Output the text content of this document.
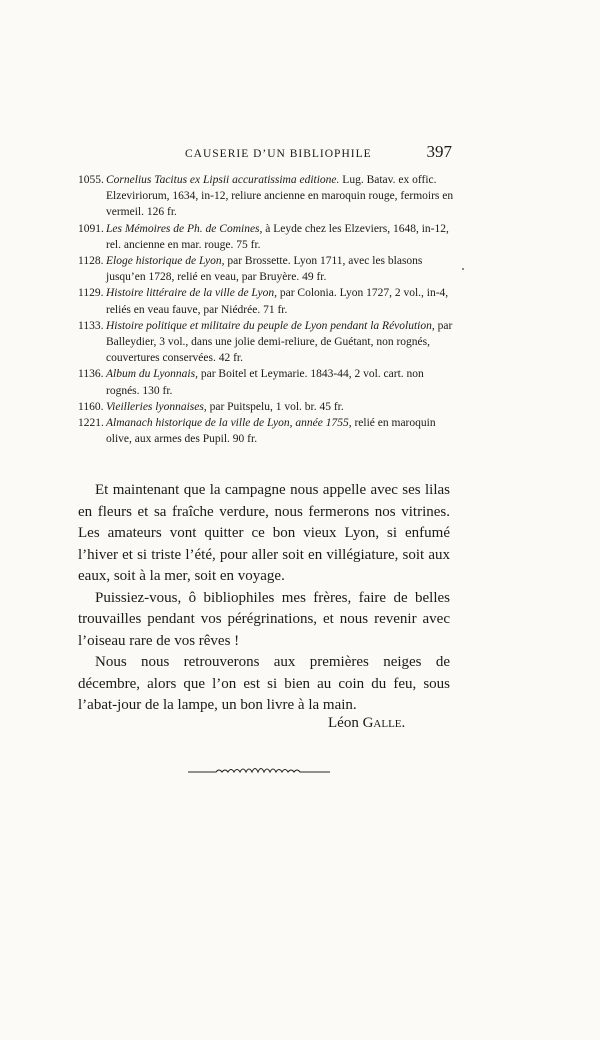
CAUSERIE D’UN BIBLIOPHILE	397

1055. Cornelius Tacitus ex Lipsii accuratissima editione. Lug. Batav. ex offic. Elzeviriorum, 1634, in-12, reliure ancienne en maroquin rouge, fermoirs en vermeil. 126 fr.

1091. Les Mémoires de Ph. de Comines, à Leyde chez les Elzeviers, 1648, in-12, rel. ancienne en mar. rouge. 75 fr.

1128. Eloge historique de Lyon, par Brossette. Lyon 1711, avec les blasons jusqu’en 1728, relié en veau, par Bruyère. 49 fr.

1129. Histoire littéraire de la ville de Lyon, par Colonia. Lyon 1727, 2 vol., in-4, reliés en veau fauve, par Niédrée. 71 fr.

1133. Histoire politique et militaire du peuple de Lyon pendant la Révolution, par Balleydier, 3 vol., dans une jolie demi-reliure, de Guétant, non rognés, couvertures conservées. 42 fr.

1136. Album du Lyonnais, par Boitel et Leymarie. 1843-44, 2 vol. cart. non rognés. 130 fr.

1160. Vieilleries lyonnaises, par Puitspelu, 1 vol. br. 45 fr.

1221. Almanach historique de la ville de Lyon, année 1755, relié en maroquin olive, aux armes des Pupil. 90 fr.

Et maintenant que la campagne nous appelle avec ses lilas en fleurs et sa fraîche verdure, nous fermerons nos vitrines. Les amateurs vont quitter ce bon vieux Lyon, si enfumé l’hiver et si triste l’été, pour aller soit en villégiature, soit aux eaux, soit à la mer, soit en voyage.

Puissiez-vous, ô bibliophiles mes frères, faire de belles trouvailles pendant vos pérégrinations, et nous revenir avec l’oiseau rare de vos rêves !

Nous nous retrouverons aux premières neiges de décembre, alors que l’on est si bien au coin du feu, sous l’abat-jour de la lampe, un bon livre à la main.

Léon Galle.
